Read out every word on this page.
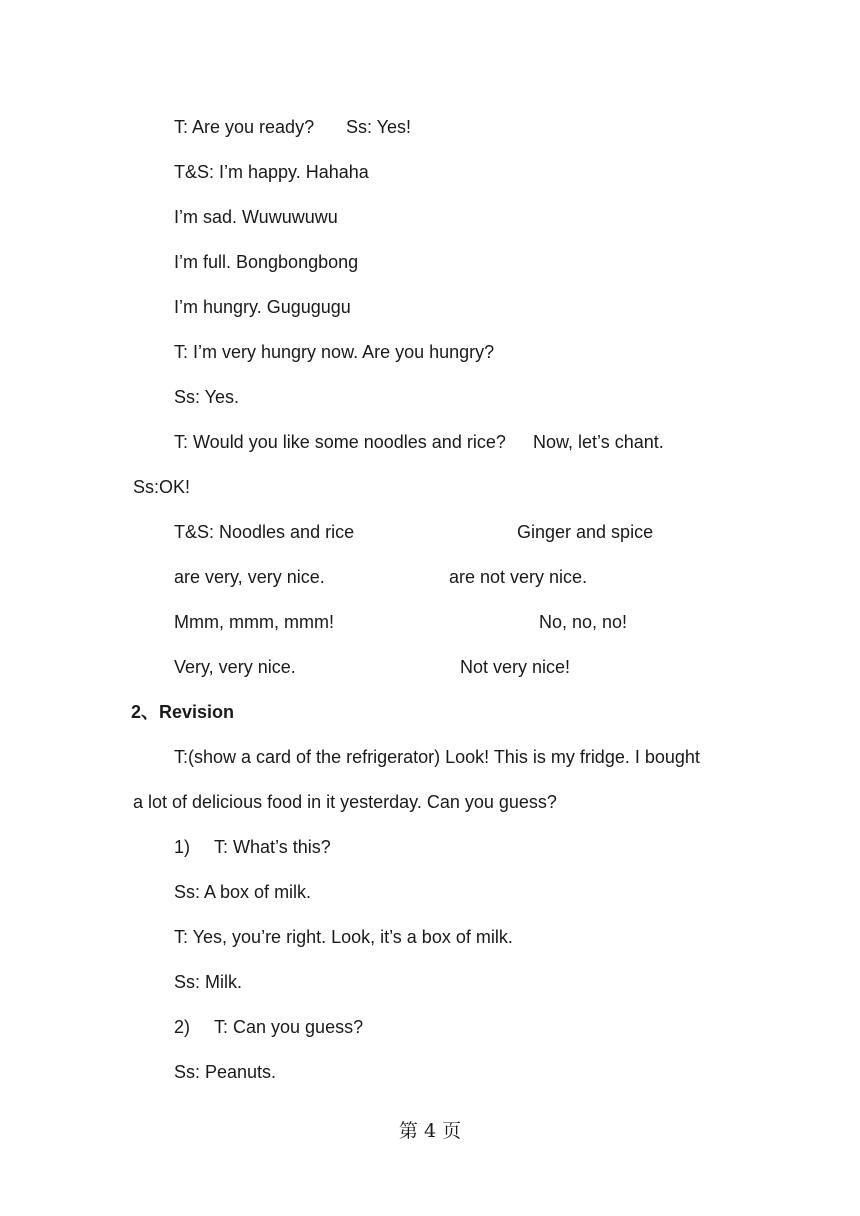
T: Are you ready? Ss: Yes!
T&S: I’m happy. Hahaha
I’m sad. Wuwuwuwu
I’m full. Bongbongbong
I’m hungry. Gugugugu
T: I’m very hungry now. Are you hungry?
Ss: Yes.
T: Would you like some noodles and rice? Now, let’s chant.
Ss:OK!
T&S: Noodles and rice	Ginger and spice
are very, very nice.	are not very nice.
Mmm, mmm, mmm!	No, no, no!
Very, very nice.	Not very nice!
2、Revision
T:(show a card of the refrigerator) Look! This is my fridge. I bought
a lot of delicious food in it yesterday. Can you guess?
1) T: What’s this?
Ss: A box of milk.
T: Yes, you’re right. Look, it’s a box of milk.
Ss: Milk.
2) T: Can you guess?
Ss: Peanuts.
第 4 页
